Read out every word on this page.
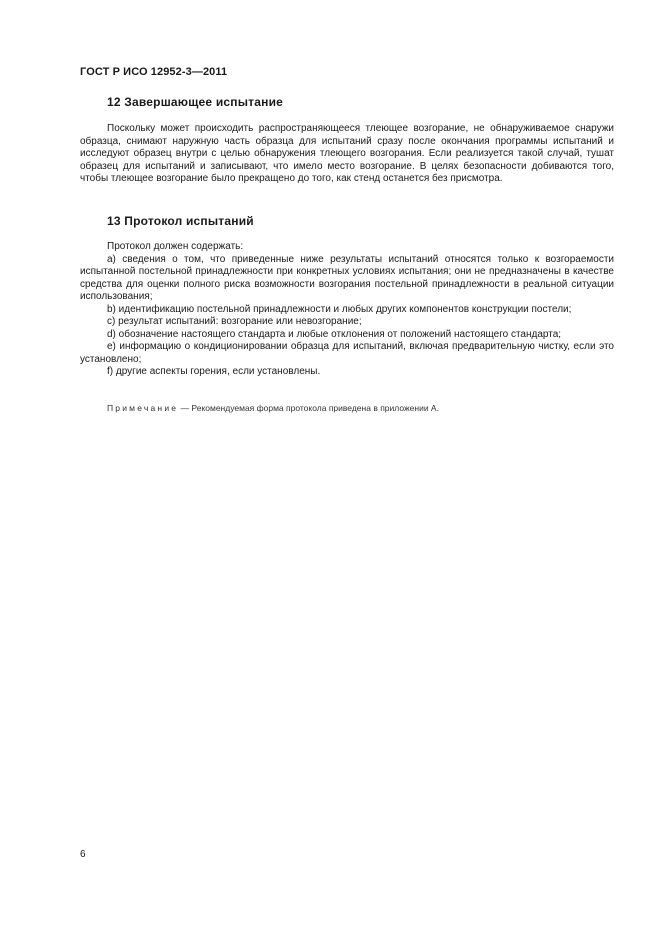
ГОСТ Р ИСО 12952-3—2011
12 Завершающее испытание
Поскольку может происходить распространяющееся тлеющее возгорание, не обнаруживаемое снаружи образца, снимают наружную часть образца для испытаний сразу после окончания программы испытаний и исследуют образец внутри с целью обнаружения тлеющего возгорания. Если реализуется такой случай, тушат образец для испытаний и записывают, что имело место возгорание. В целях безопасности добиваются того, чтобы тлеющее возгорание было прекращено до того, как стенд останется без присмотра.
13 Протокол испытаний
Протокол должен содержать:
а) сведения о том, что приведенные ниже результаты испытаний относятся только к возгораемости испытанной постельной принадлежности при конкретных условиях испытания; они не предназначены в качестве средства для оценки полного риска возможности возгорания постельной принадлежности в реальной ситуации использования;
b) идентификацию постельной принадлежности и любых других компонентов конструкции постели;
с) результат испытаний: возгорание или невозгорание;
d) обозначение настоящего стандарта и любые отклонения от положений настоящего стандарта;
е) информацию о кондиционировании образца для испытаний, включая предварительную чистку, если это установлено;
f) другие аспекты горения, если установлены.
Примечание — Рекомендуемая форма протокола приведена в приложении А.
6
